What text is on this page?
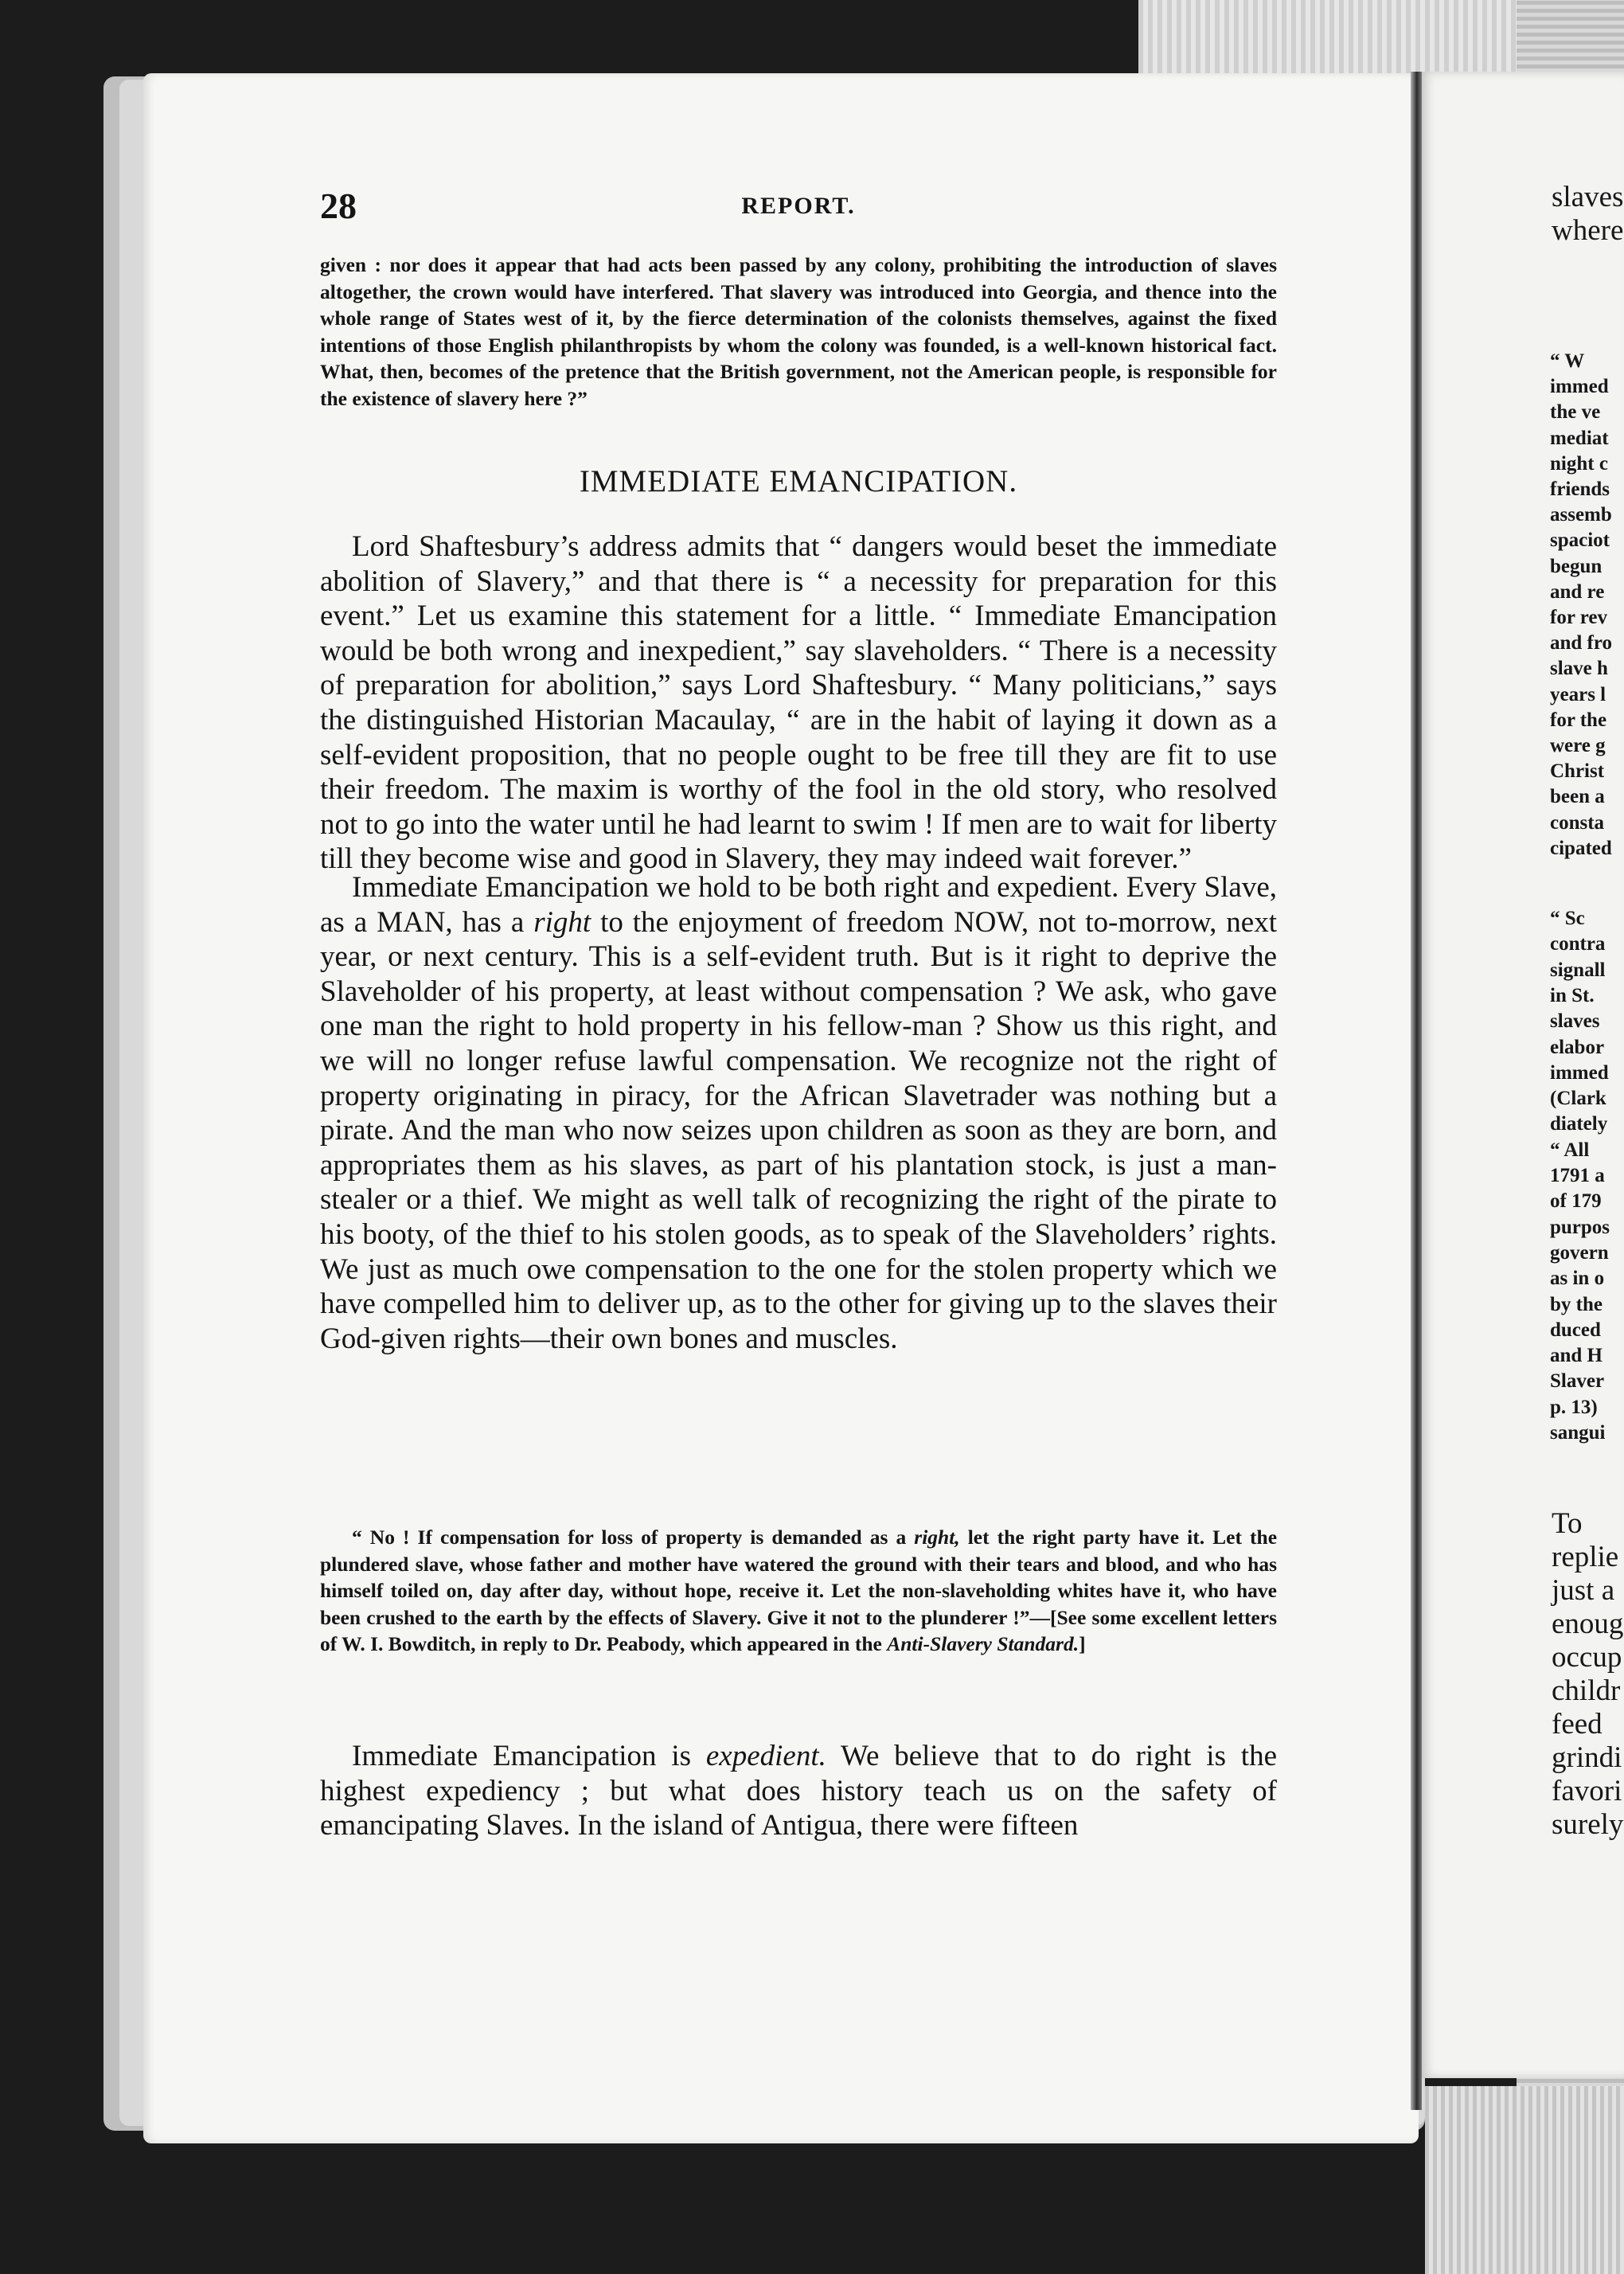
slaves
where
“ W
immed
the ve
mediat
night c
friends
assemb
spaciot
begun
and re
for rev
and fro
slave h
years l
for the
were g
Christ
been a
consta
cipated
“ Sc
contra
signall
in St.
slaves
elabor
immed
(Clark
diately
“ All
1791 a
of 179
purpos
govern
as in o
by the
duced
and H
Slaver
p. 13)
sangui
To
replie
just a
enoug
occup
childr
feed
grindi
favori
surely
28	REPORT.
given : nor does it appear that had acts been passed by any colony, prohibiting the introduction of slaves altogether, the crown would have interfered. That slavery was introduced into Georgia, and thence into the whole range of States west of it, by the fierce determination of the colonists themselves, against the fixed intentions of those English philanthropists by whom the colony was founded, is a well-known historical fact. What, then, becomes of the pretence that the British government, not the American people, is responsible for the existence of slavery here ?”
IMMEDIATE EMANCIPATION.
Lord Shaftesbury’s address admits that “ dangers would beset the immediate abolition of Slavery,” and that there is “ a necessity for preparation for this event.” Let us examine this statement for a little. “ Immediate Emancipation would be both wrong and inexpedient,” say slaveholders. “ There is a necessity of preparation for abolition,” says Lord Shaftesbury. “ Many politicians,” says the distinguished Historian Macaulay, “ are in the habit of laying it down as a self-evident proposition, that no people ought to be free till they are fit to use their freedom. The maxim is worthy of the fool in the old story, who resolved not to go into the water until he had learnt to swim ! If men are to wait for liberty till they become wise and good in Slavery, they may indeed wait forever.”
Immediate Emancipation we hold to be both right and expedient. Every Slave, as a MAN, has a right to the enjoyment of freedom NOW, not to-morrow, next year, or next century. This is a self-evident truth. But is it right to deprive the Slaveholder of his property, at least without compensation ? We ask, who gave one man the right to hold property in his fellow-man ? Show us this right, and we will no longer refuse lawful compensation. We recognize not the right of property originating in piracy, for the African Slavetrader was nothing but a pirate. And the man who now seizes upon children as soon as they are born, and appropriates them as his slaves, as part of his plantation stock, is just a man-stealer or a thief. We might as well talk of recognizing the right of the pirate to his booty, of the thief to his stolen goods, as to speak of the Slaveholders’ rights. We just as much owe compensation to the one for the stolen property which we have compelled him to deliver up, as to the other for giving up to the slaves their God-given rights—their own bones and muscles.
“ No ! If compensation for loss of property is demanded as a right, let the right party have it. Let the plundered slave, whose father and mother have watered the ground with their tears and blood, and who has himself toiled on, day after day, without hope, receive it. Let the non-slaveholding whites have it, who have been crushed to the earth by the effects of Slavery. Give it not to the plunderer !”—[See some excellent letters of W. I. Bowditch, in reply to Dr. Peabody, which appeared in the Anti-Slavery Standard.]
Immediate Emancipation is expedient. We believe that to do right is the highest expediency ; but what does history teach us on the safety of emancipating Slaves. In the island of Antigua, there were fifteen
